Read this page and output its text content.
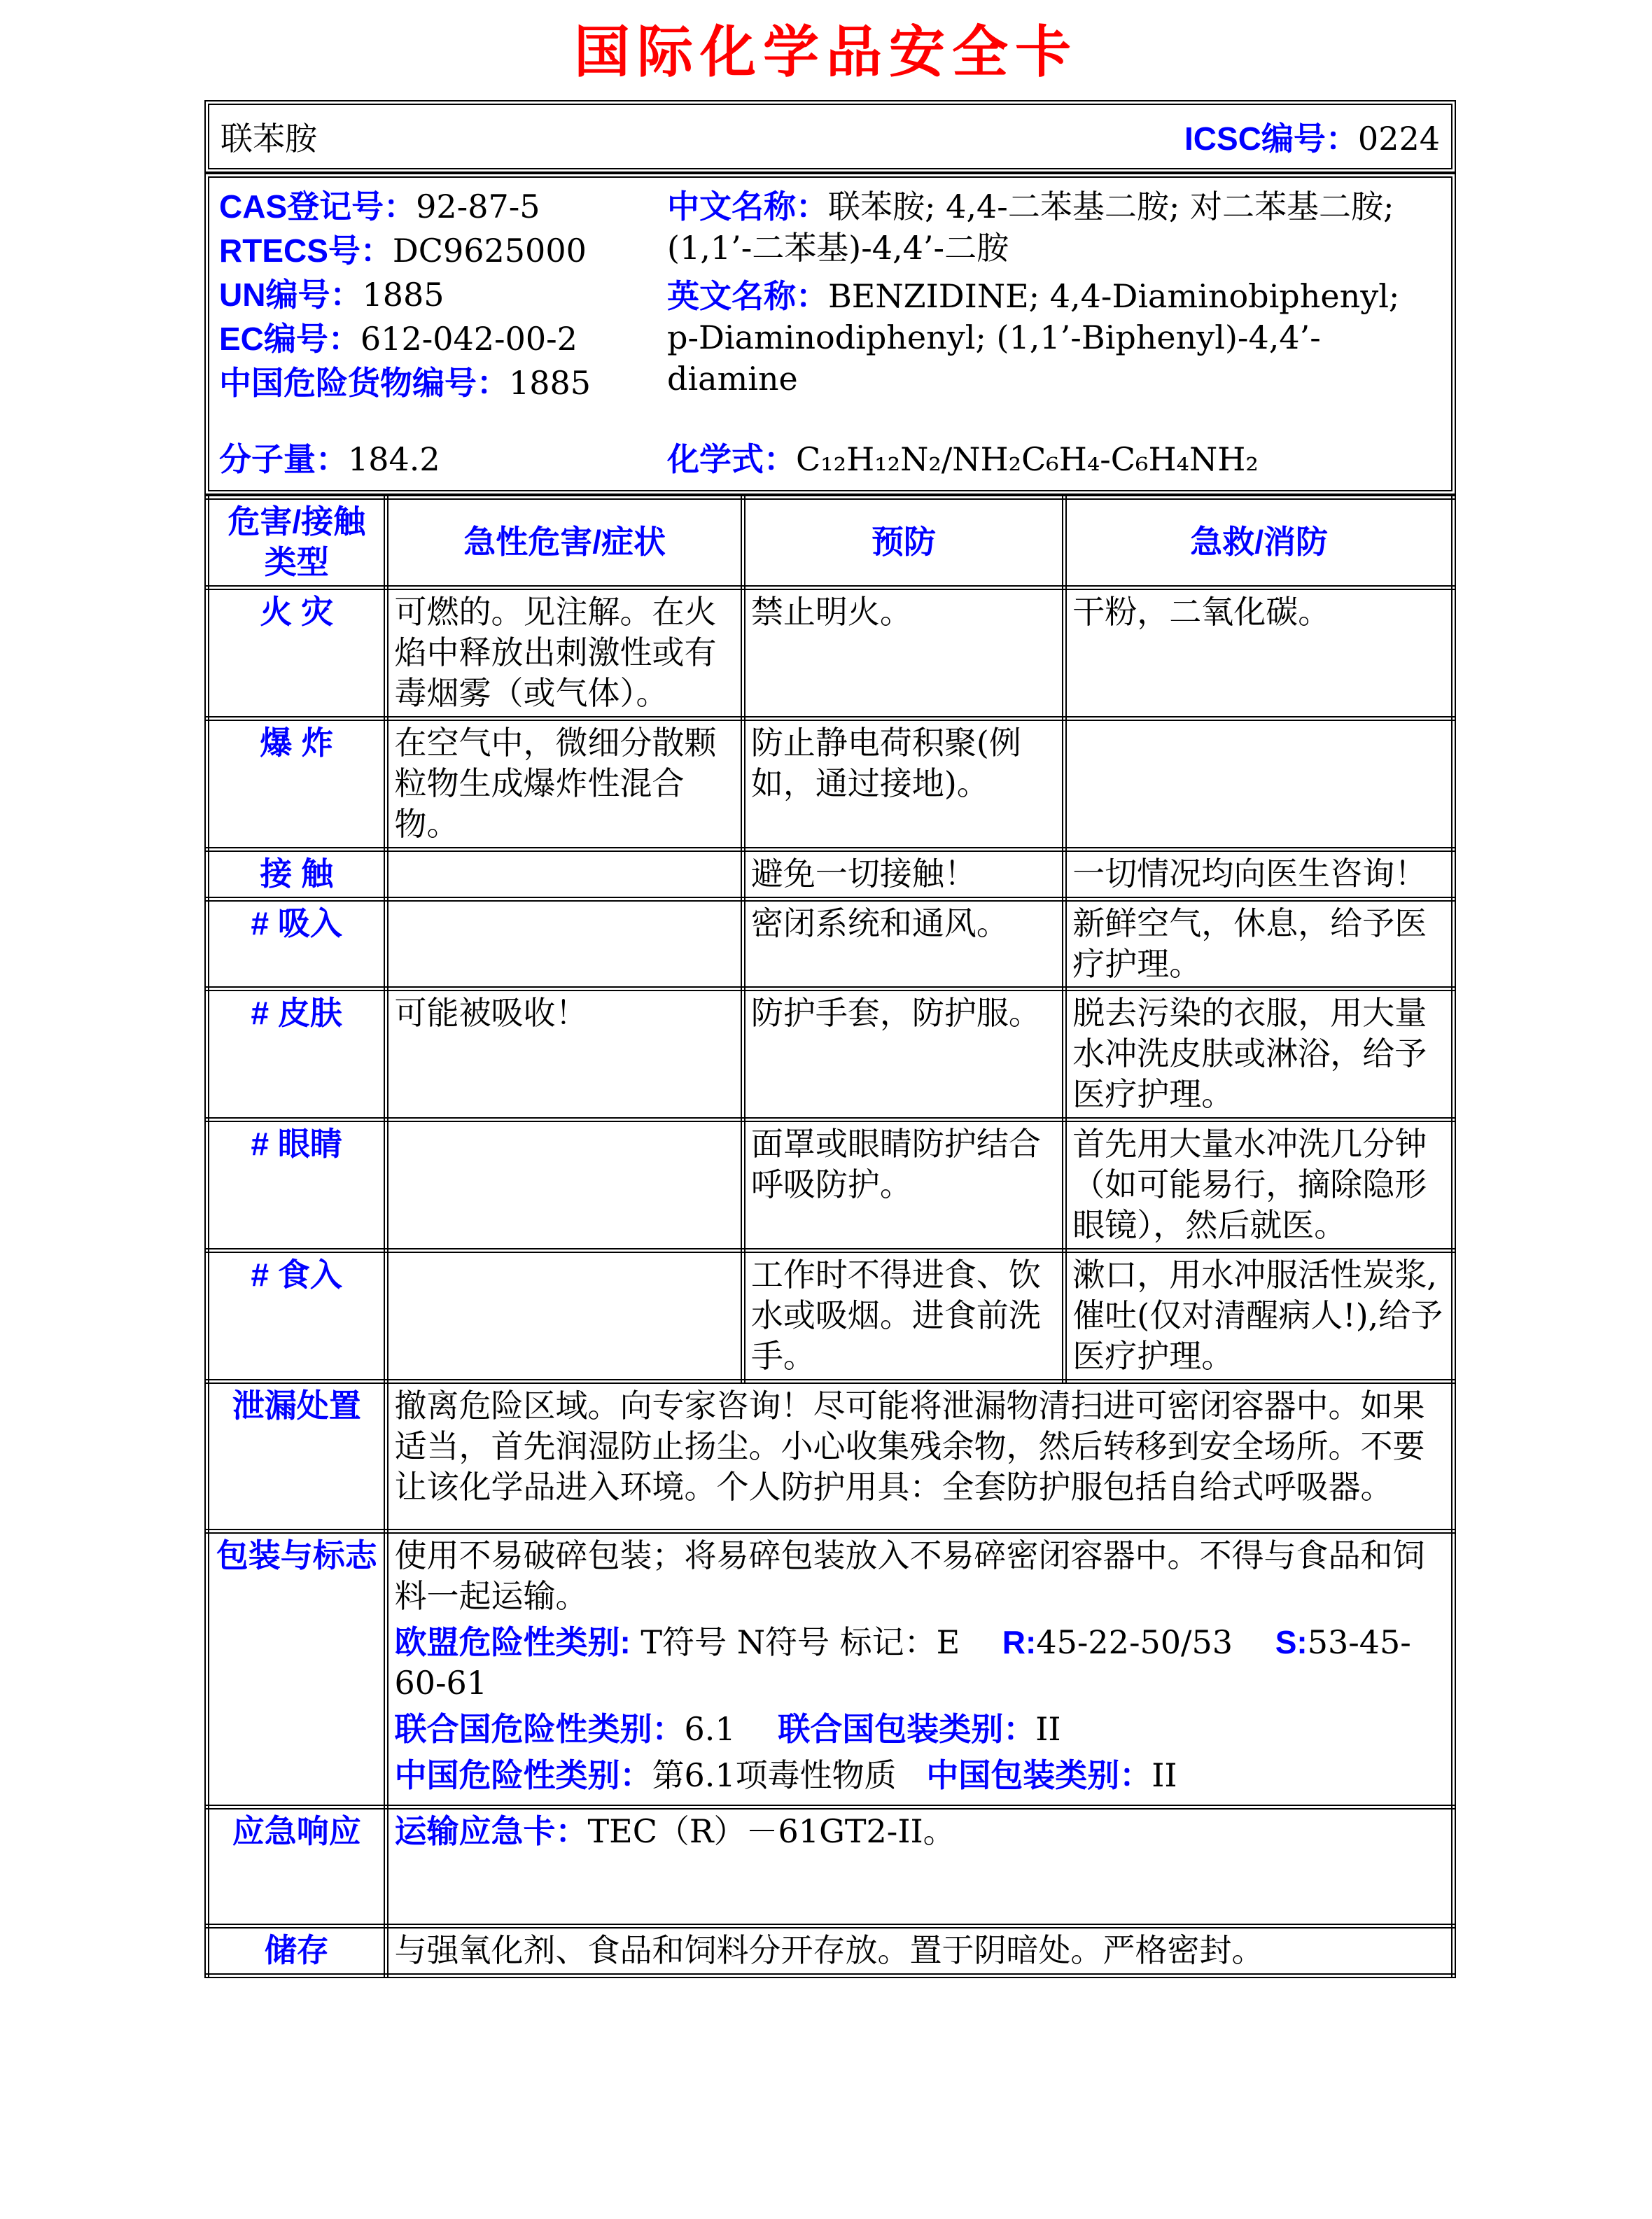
国际化学品安全卡
联苯胺	ICSC编号：0224
CAS登记号：92-87-5
RTECS号：DC9625000
UN编号：1885
EC编号：612-042-00-2
中国危险货物编号：1885
分子量：184.2

中文名称：联苯胺; 4,4-二苯基二胺; 对二苯基二胺; (1,1’-二苯基)-4,4’-二胺

英文名称：BENZIDINE; 4,4-Diaminobiphenyl; p-Diaminodiphenyl; (1,1’-Biphenyl)-4,4’-diamine

化学式：C₁₂H₁₂N₂/NH₂C₆H₄-C₆H₄NH₂
危害/接触类型	急性危害/症状	预防	急救/消防
火 灾	可燃的。见注解。在火焰中释放出刺激性或有毒烟雾（或气体）。	禁止明火。	干粉，二氧化碳。
爆 炸	在空气中，微细分散颗粒物生成爆炸性混合物。	防止静电荷积聚(例如，通过接地)。	
接 触		避免一切接触！	一切情况均向医生咨询！
# 吸入		密闭系统和通风。	新鲜空气，休息，给予医疗护理。
# 皮肤	可能被吸收！	防护手套，防护服。	脱去污染的衣服，用大量水冲洗皮肤或淋浴，给予医疗护理。
# 眼睛		面罩或眼睛防护结合呼吸防护。	首先用大量水冲洗几分钟（如可能易行，摘除隐形眼镜），然后就医。
# 食入		工作时不得进食、饮水或吸烟。进食前洗手。	漱口，用水冲服活性炭浆,催吐(仅对清醒病人!),给予医疗护理。
泄漏处置	撤离危险区域。向专家咨询！尽可能将泄漏物清扫进可密闭容器中。如果适当，首先润湿防止扬尘。小心收集残余物，然后转移到安全场所。不要让该化学品进入环境。个人防护用具：全套防护服包括自给式呼吸器。		
包装与标志	使用不易破碎包装；将易碎包装放入不易碎密闭容器中。不得与食品和饲料一起运输。

欧盟危险性类别: T符号 N符号 标记：E R:45-22-50/53 S:53-45-60-61

联合国危险性类别：6.1 联合国包装类别：II

中国危险性类别：第6.1项毒性物质 中国包装类别：II		

应急响应	运输应急卡：TEC（R）－61GT2-II。		
储存	与强氧化剂、食品和饲料分开存放。置于阴暗处。严格密封。		
